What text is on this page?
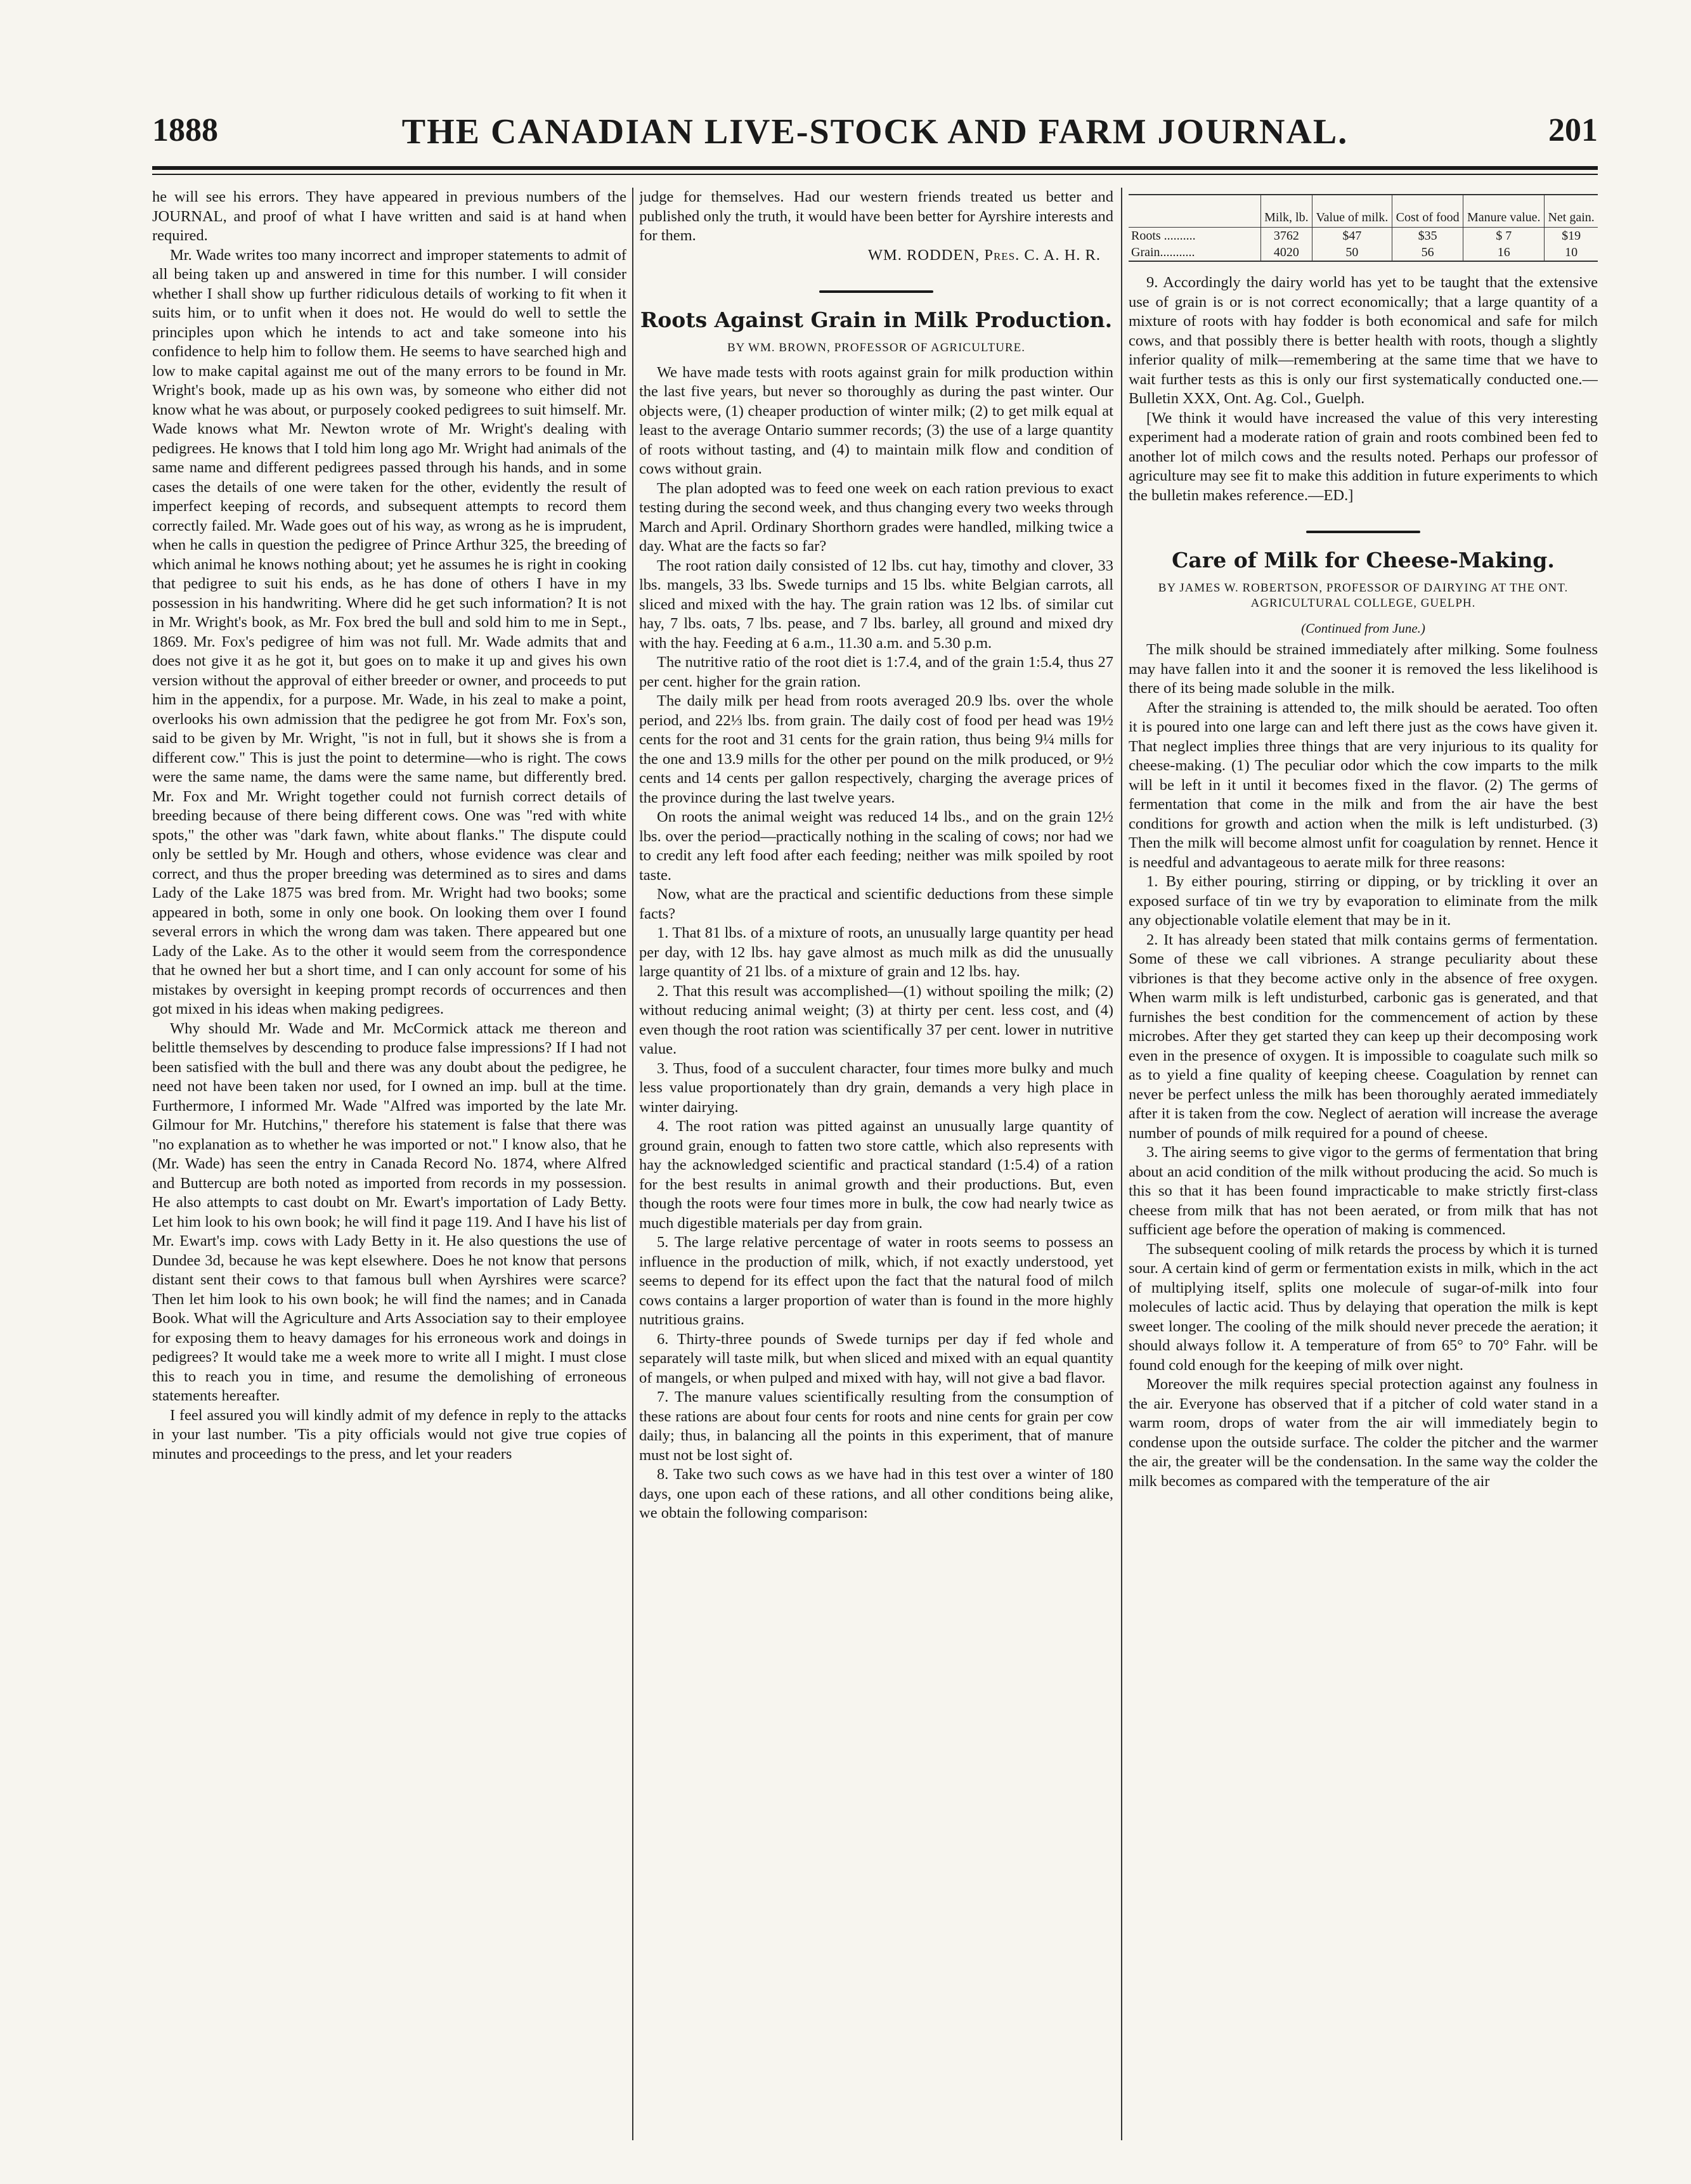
1888	THE CANADIAN LIVE-STOCK AND FARM JOURNAL.	201

he will see his errors. They have appeared in previous numbers of the JOURNAL, and proof of what I have written and said is at hand when required.

Mr. Wade writes too many incorrect and improper statements to admit of all being taken up and answered in time for this number. I will consider whether I shall show up further ridiculous details of working to fit when it suits him, or to unfit when it does not. He would do well to settle the principles upon which he intends to act and take someone into his confidence to help him to follow them. He seems to have searched high and low to make capital against me out of the many errors to be found in Mr. Wright's book, made up as his own was, by someone who either did not know what he was about, or purposely cooked pedigrees to suit himself. Mr. Wade knows what Mr. Newton wrote of Mr. Wright's dealing with pedigrees. He knows that I told him long ago Mr. Wright had animals of the same name and different pedigrees passed through his hands, and in some cases the details of one were taken for the other, evidently the result of imperfect keeping of records, and subsequent attempts to record them correctly failed. Mr. Wade goes out of his way, as wrong as he is imprudent, when he calls in question the pedigree of Prince Arthur 325, the breeding of which animal he knows nothing about; yet he assumes he is right in cooking that pedigree to suit his ends, as he has done of others I have in my possession in his handwriting. Where did he get such information? It is not in Mr. Wright's book, as Mr. Fox bred the bull and sold him to me in Sept., 1869. Mr. Fox's pedigree of him was not full. Mr. Wade admits that and does not give it as he got it, but goes on to make it up and gives his own version without the approval of either breeder or owner, and proceeds to put him in the appendix, for a purpose. Mr. Wade, in his zeal to make a point, overlooks his own admission that the pedigree he got from Mr. Fox's son, said to be given by Mr. Wright, "is not in full, but it shows she is from a different cow." This is just the point to determine—who is right. The cows were the same name, the dams were the same name, but differently bred. Mr. Fox and Mr. Wright together could not furnish correct details of breeding because of there being different cows. One was "red with white spots," the other was "dark fawn, white about flanks." The dispute could only be settled by Mr. Hough and others, whose evidence was clear and correct, and thus the proper breeding was determined as to sires and dams Lady of the Lake 1875 was bred from. Mr. Wright had two books; some appeared in both, some in only one book. On looking them over I found several errors in which the wrong dam was taken. There appeared but one Lady of the Lake. As to the other it would seem from the correspondence that he owned her but a short time, and I can only account for some of his mistakes by oversight in keeping prompt records of occurrences and then got mixed in his ideas when making pedigrees.

Why should Mr. Wade and Mr. McCormick attack me thereon and belittle themselves by descending to produce false impressions? If I had not been satisfied with the bull and there was any doubt about the pedigree, he need not have been taken nor used, for I owned an imp. bull at the time. Furthermore, I informed Mr. Wade "Alfred was imported by the late Mr. Gilmour for Mr. Hutchins," therefore his statement is false that there was "no explanation as to whether he was imported or not." I know also, that he (Mr. Wade) has seen the entry in Canada Record No. 1874, where Alfred and Buttercup are both noted as imported from records in my possession. He also attempts to cast doubt on Mr. Ewart's importation of Lady Betty. Let him look to his own book; he will find it page 119. And I have his list of Mr. Ewart's imp. cows with Lady Betty in it. He also questions the use of Dundee 3d, because he was kept elsewhere. Does he not know that persons distant sent their cows to that famous bull when Ayrshires were scarce? Then let him look to his own book; he will find the names; and in Canada Book. What will the Agriculture and Arts Association say to their employee for exposing them to heavy damages for his erroneous work and doings in pedigrees? It would take me a week more to write all I might. I must close this to reach you in time, and resume the demolishing of erroneous statements hereafter.

I feel assured you will kindly admit of my defence in reply to the attacks in your last number. 'Tis a pity officials would not give true copies of minutes and proceedings to the press, and let your readers

judge for themselves. Had our western friends treated us better and published only the truth, it would have been better for Ayrshire interests and for them.

WM. RODDEN, Pres. C. A. H. R.
Roots Against Grain in Milk Production.
BY WM. BROWN, PROFESSOR OF AGRICULTURE.

We have made tests with roots against grain for milk production within the last five years, but never so thoroughly as during the past winter. Our objects were, (1) cheaper production of winter milk; (2) to get milk equal at least to the average Ontario summer records; (3) the use of a large quantity of roots without tasting, and (4) to maintain milk flow and condition of cows without grain.

The plan adopted was to feed one week on each ration previous to exact testing during the second week, and thus changing every two weeks through March and April. Ordinary Shorthorn grades were handled, milking twice a day. What are the facts so far?

The root ration daily consisted of 12 lbs. cut hay, timothy and clover, 33 lbs. mangels, 33 lbs. Swede turnips and 15 lbs. white Belgian carrots, all sliced and mixed with the hay. The grain ration was 12 lbs. of similar cut hay, 7 lbs. oats, 7 lbs. pease, and 7 lbs. barley, all ground and mixed dry with the hay. Feeding at 6 a.m., 11.30 a.m. and 5.30 p.m.

The nutritive ratio of the root diet is 1:7.4, and of the grain 1:5.4, thus 27 per cent. higher for the grain ration.

The daily milk per head from roots averaged 20.9 lbs. over the whole period, and 22⅓ lbs. from grain. The daily cost of food per head was 19½ cents for the root and 31 cents for the grain ration, thus being 9¼ mills for the one and 13.9 mills for the other per pound on the milk produced, or 9½ cents and 14 cents per gallon respectively, charging the average prices of the province during the last twelve years.

On roots the animal weight was reduced 14 lbs., and on the grain 12½ lbs. over the period—practically nothing in the scaling of cows; nor had we to credit any left food after each feeding; neither was milk spoiled by root taste.

Now, what are the practical and scientific deductions from these simple facts?

1. That 81 lbs. of a mixture of roots, an unusually large quantity per head per day, with 12 lbs. hay gave almost as much milk as did the unusually large quantity of 21 lbs. of a mixture of grain and 12 lbs. hay.

2. That this result was accomplished—(1) without spoiling the milk; (2) without reducing animal weight; (3) at thirty per cent. less cost, and (4) even though the root ration was scientifically 37 per cent. lower in nutritive value.

3. Thus, food of a succulent character, four times more bulky and much less value proportionately than dry grain, demands a very high place in winter dairying.

4. The root ration was pitted against an unusually large quantity of ground grain, enough to fatten two store cattle, which also represents with hay the acknowledged scientific and practical standard (1:5.4) of a ration for the best results in animal growth and their productions. But, even though the roots were four times more in bulk, the cow had nearly twice as much digestible materials per day from grain.

5. The large relative percentage of water in roots seems to possess an influence in the production of milk, which, if not exactly understood, yet seems to depend for its effect upon the fact that the natural food of milch cows contains a larger proportion of water than is found in the more highly nutritious grains.

6. Thirty-three pounds of Swede turnips per day if fed whole and separately will taste milk, but when sliced and mixed with an equal quantity of mangels, or when pulped and mixed with hay, will not give a bad flavor.

7. The manure values scientifically resulting from the consumption of these rations are about four cents for roots and nine cents for grain per cow daily; thus, in balancing all the points in this experiment, that of manure must not be lost sight of.

8. Take two such cows as we have had in this test over a winter of 180 days, one upon each of these rations, and all other conditions being alike, we obtain the following comparison:

	Milk, lb.	Value of milk.	Cost of food	Manure value.	Net gain.
Roots ..........	3762	$47	$35	$ 7	$19
Grain...........	4020	50	56	16	10

9. Accordingly the dairy world has yet to be taught that the extensive use of grain is or is not correct economically; that a large quantity of a mixture of roots with hay fodder is both economical and safe for milch cows, and that possibly there is better health with roots, though a slightly inferior quality of milk—remembering at the same time that we have to wait further tests as this is only our first systematically conducted one.—Bulletin XXX, Ont. Ag. Col., Guelph.

[We think it would have increased the value of this very interesting experiment had a moderate ration of grain and roots combined been fed to another lot of milch cows and the results noted. Perhaps our professor of agriculture may see fit to make this addition in future experiments to which the bulletin makes reference.—ED.]

Care of Milk for Cheese-Making.
BY JAMES W. ROBERTSON, PROFESSOR OF DAIRYING AT THE ONT. AGRICULTURAL COLLEGE, GUELPH.
(Continued from June.)

The milk should be strained immediately after milking. Some foulness may have fallen into it and the sooner it is removed the less likelihood is there of its being made soluble in the milk.

After the straining is attended to, the milk should be aerated. Too often it is poured into one large can and left there just as the cows have given it. That neglect implies three things that are very injurious to its quality for cheese-making. (1) The peculiar odor which the cow imparts to the milk will be left in it until it becomes fixed in the flavor. (2) The germs of fermentation that come in the milk and from the air have the best conditions for growth and action when the milk is left undisturbed. (3) Then the milk will become almost unfit for coagulation by rennet. Hence it is needful and advantageous to aerate milk for three reasons:

1. By either pouring, stirring or dipping, or by trickling it over an exposed surface of tin we try by evaporation to eliminate from the milk any objectionable volatile element that may be in it.

2. It has already been stated that milk contains germs of fermentation. Some of these we call vibriones. A strange peculiarity about these vibriones is that they become active only in the absence of free oxygen. When warm milk is left undisturbed, carbonic gas is generated, and that furnishes the best condition for the commencement of action by these microbes. After they get started they can keep up their decomposing work even in the presence of oxygen. It is impossible to coagulate such milk so as to yield a fine quality of keeping cheese. Coagulation by rennet can never be perfect unless the milk has been thoroughly aerated immediately after it is taken from the cow. Neglect of aeration will increase the average number of pounds of milk required for a pound of cheese.

3. The airing seems to give vigor to the germs of fermentation that bring about an acid condition of the milk without producing the acid. So much is this so that it has been found impracticable to make strictly first-class cheese from milk that has not been aerated, or from milk that has not sufficient age before the operation of making is commenced.

The subsequent cooling of milk retards the process by which it is turned sour. A certain kind of germ or fermentation exists in milk, which in the act of multiplying itself, splits one molecule of sugar-of-milk into four molecules of lactic acid. Thus by delaying that operation the milk is kept sweet longer. The cooling of the milk should never precede the aeration; it should always follow it. A temperature of from 65° to 70° Fahr. will be found cold enough for the keeping of milk over night.

Moreover the milk requires special protection against any foulness in the air. Everyone has observed that if a pitcher of cold water stand in a warm room, drops of water from the air will immediately begin to condense upon the outside surface. The colder the pitcher and the warmer the air, the greater will be the condensation. In the same way the colder the milk becomes as compared with the temperature of the air
